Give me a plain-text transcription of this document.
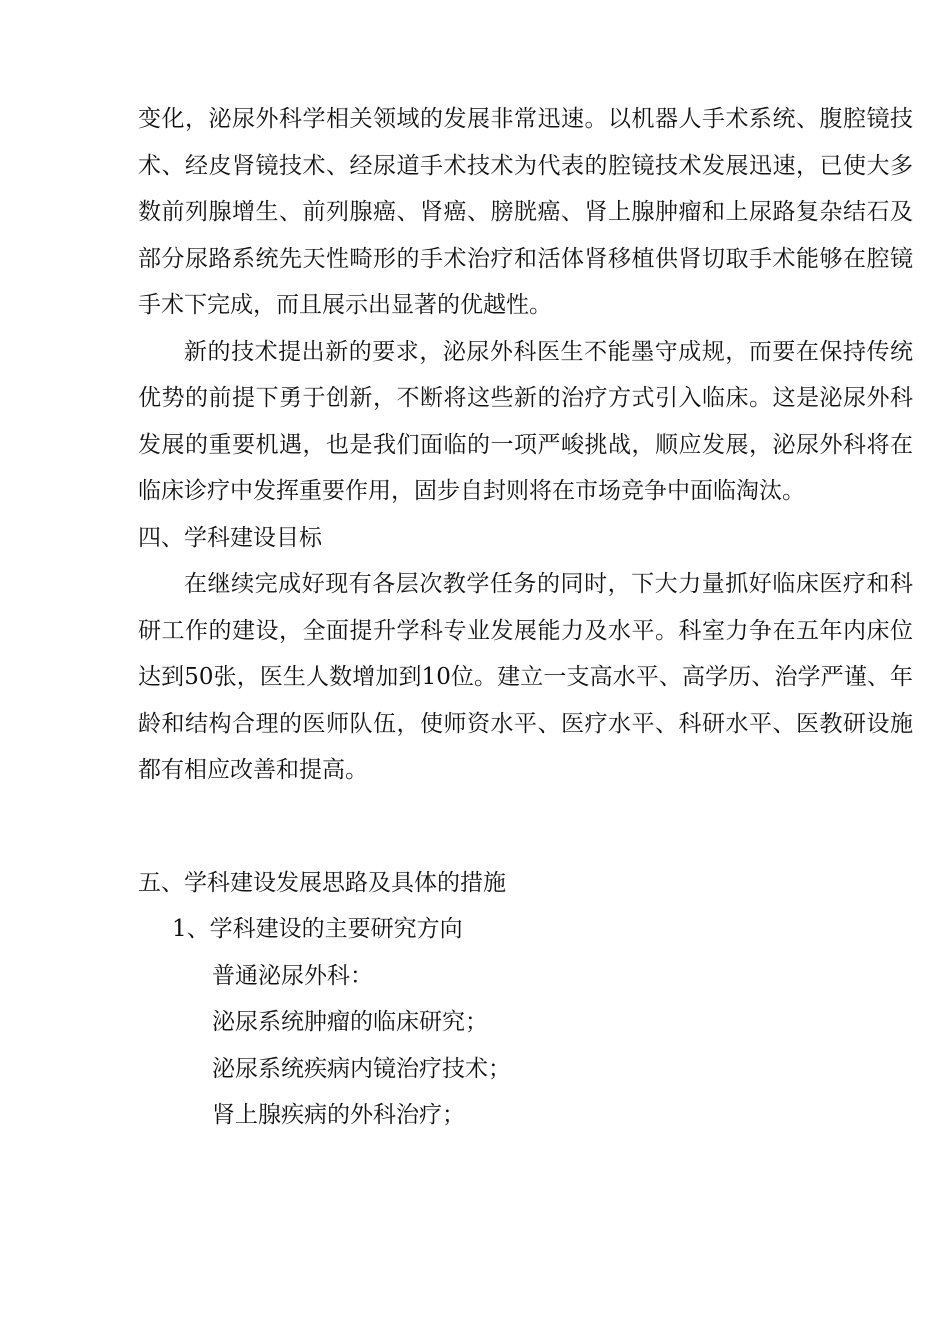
变化，泌尿外科学相关领域的发展非常迅速。以机器人手术系统、腹腔镜技术、经皮肾镜技术、经尿道手术技术为代表的腔镜技术发展迅速，已使大多数前列腺增生、前列腺癌、肾癌、膀胱癌、肾上腺肿瘤和上尿路复杂结石及部分尿路系统先天性畸形的手术治疗和活体肾移植供肾切取手术能够在腔镜手术下完成，而且展示出显著的优越性。

新的技术提出新的要求，泌尿外科医生不能墨守成规，而要在保持传统优势的前提下勇于创新，不断将这些新的治疗方式引入临床。这是泌尿外科发展的重要机遇，也是我们面临的一项严峻挑战，顺应发展，泌尿外科将在临床诊疗中发挥重要作用，固步自封则将在市场竞争中面临淘汰。

四、学科建设目标

在继续完成好现有各层次教学任务的同时，下大力量抓好临床医疗和科研工作的建设，全面提升学科专业发展能力及水平。科室力争在五年内床位达到50张，医生人数增加到10位。建立一支高水平、高学历、治学严谨、年龄和结构合理的医师队伍，使师资水平、医疗水平、科研水平、医教研设施都有相应改善和提高。

五、学科建设发展思路及具体的措施

1、学科建设的主要研究方向

普通泌尿外科：

泌尿系统肿瘤的临床研究；

泌尿系统疾病内镜治疗技术；

肾上腺疾病的外科治疗；
